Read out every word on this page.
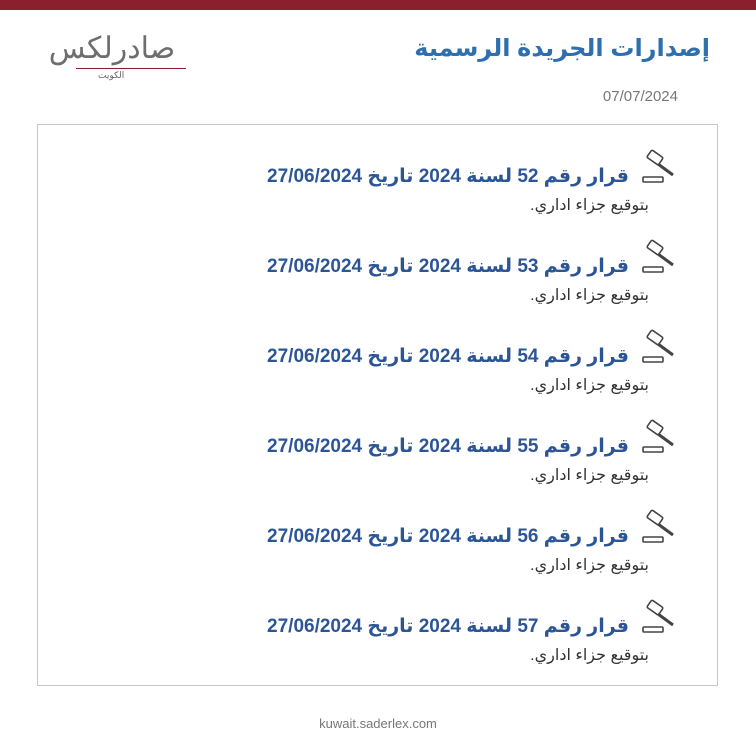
صادرلكس
الكويت
إصدارات الجريدة الرسمية
07/07/2024
قرار رقم 52 لسنة 2024 تاريخ 27/06/2024
بتوقيع جزاء اداري.
قرار رقم 53 لسنة 2024 تاريخ 27/06/2024
بتوقيع جزاء اداري.
قرار رقم 54 لسنة 2024 تاريخ 27/06/2024
بتوقيع جزاء اداري.
قرار رقم 55 لسنة 2024 تاريخ 27/06/2024
بتوقيع جزاء اداري.
قرار رقم 56 لسنة 2024 تاريخ 27/06/2024
بتوقيع جزاء اداري.
قرار رقم 57 لسنة 2024 تاريخ 27/06/2024
بتوقيع جزاء اداري.
kuwait.saderlex.com
